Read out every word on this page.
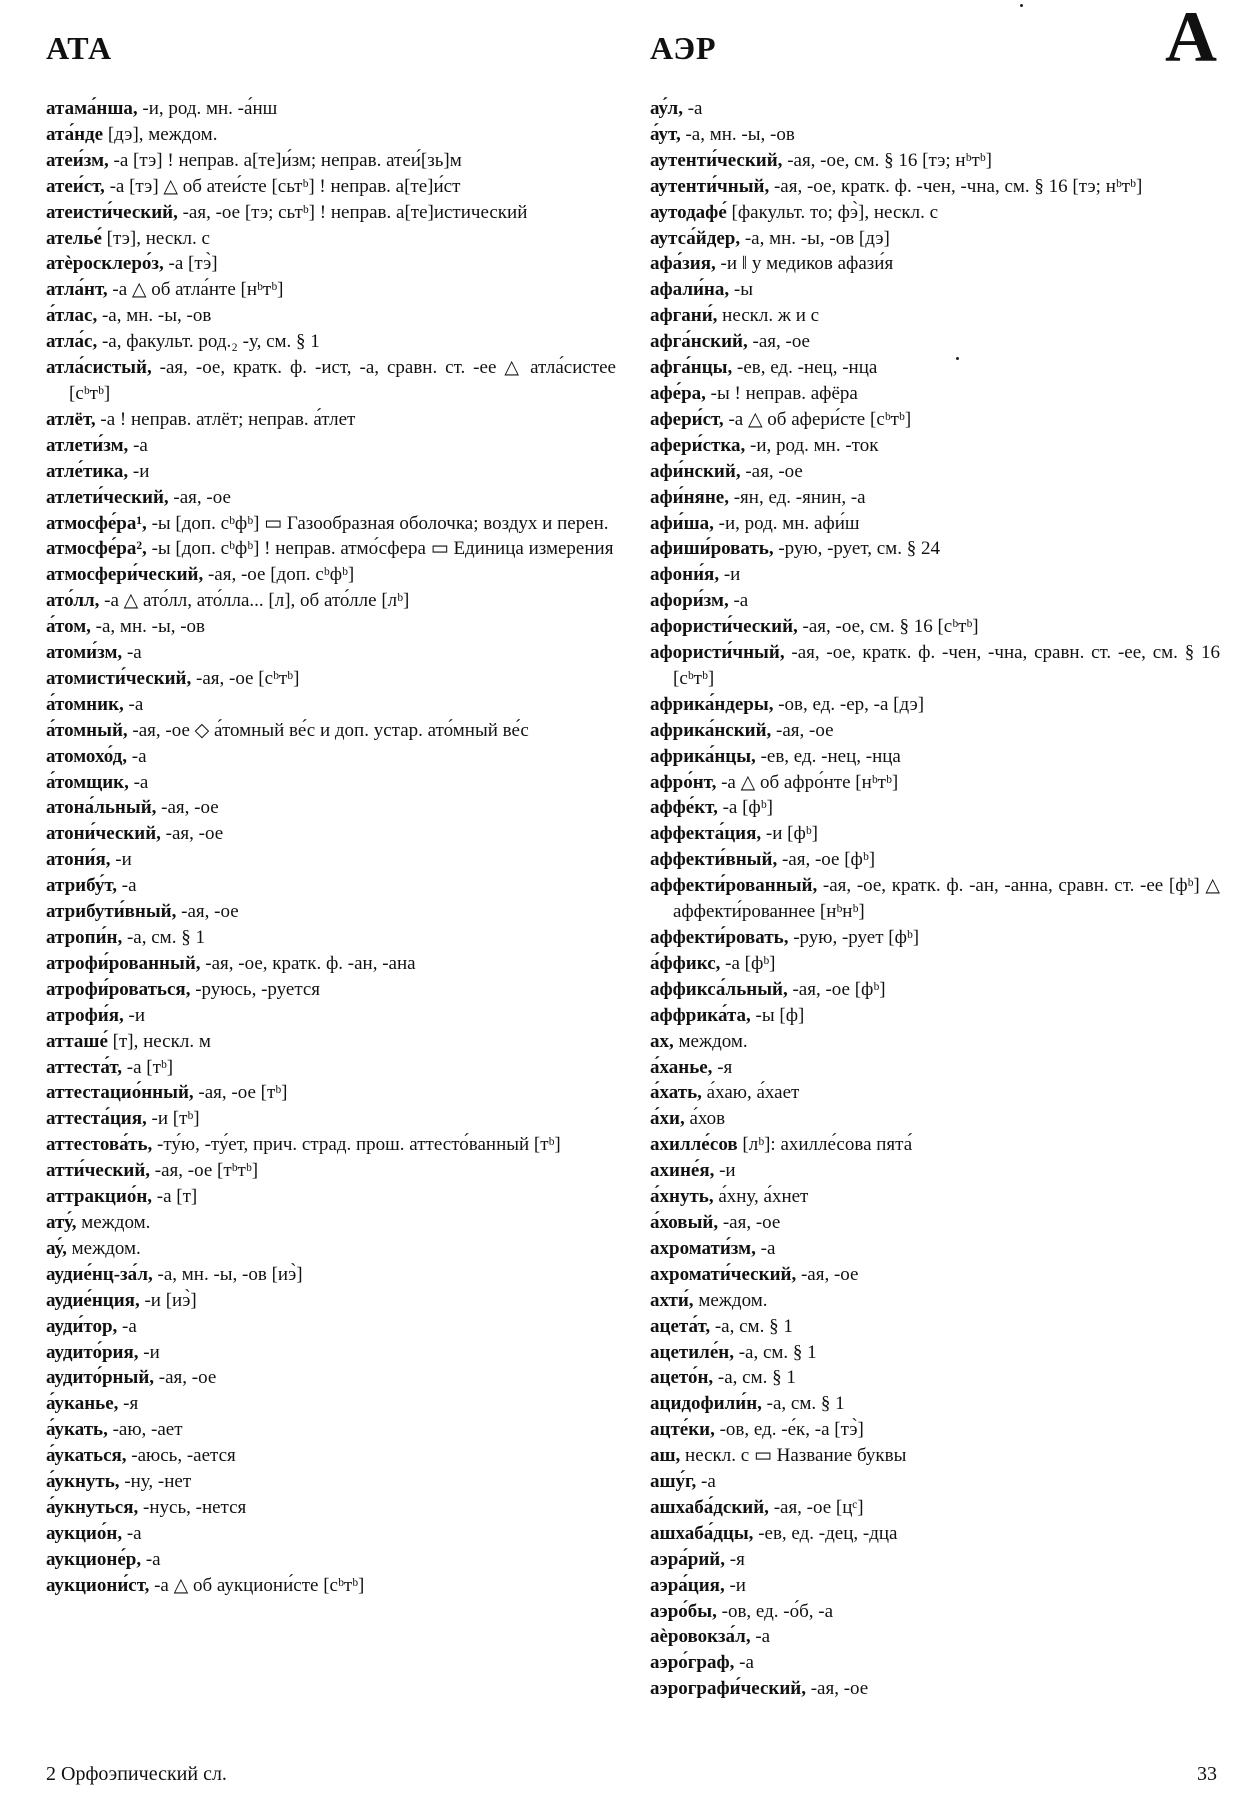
АТА	АЭР	А
атама́нша, -и, род. мн. -а́нш
ата́нде [дэ], междом.
атеи́зм, -а [тэ] ! неправ. а[те]и́зм; неправ. атеи́[зь]м
атеи́ст, -а [тэ] △ об атеи́сте [сьтᵇ] ! неправ. а[те]и́ст
атеисти́ческий, -ая, -ое [тэ; сьтᵇ] ! неправ. а[те]истический
ателье́ [тэ], нескл. с
атѐросклеро́з, -а [тэ̀]
атла́нт, -а △ об атла́нте [нᵇтᵇ]
а́тлас, -а, мн. -ы, -ов
атла́с, -а, факульт. род.₂ -у, см. § 1
атла́систый, -ая, -ое, кратк. ф. -ист, -а, сравн. ст. -ее △ атла́систее [сᵇтᵇ]
атлёт, -а ! неправ. атлёт; неправ. а́тлет
атлети́зм, -а
атле́тика, -и
атлети́ческий, -ая, -ое
атмосфе́ра¹, -ы [доп. сᵇфᵇ] ▭ Газообразная оболочка; воздух и перен.
атмосфе́ра², -ы [доп. сᵇфᵇ] ! неправ. атмо́сфера ▭ Единица измерения
атмосфери́ческий, -ая, -ое [доп. сᵇфᵇ]
ато́лл, -а △ ато́лл, ато́лла... [л], об ато́лле [лᵇ]
а́том, -а, мн. -ы, -ов
атоми́зм, -а
атомисти́ческий, -ая, -ое [сᵇтᵇ]
а́томник, -а
а́томный, -ая, -ое ◇ а́томный ве́с и доп. устар. ато́мный ве́с
атомохо́д, -а
а́томщик, -а
атона́льный, -ая, -ое
атони́ческий, -ая, -ое
атони́я, -и
атрибу́т, -а
атрибути́вный, -ая, -ое
атропи́н, -а, см. § 1
атрофи́рованный, -ая, -ое, кратк. ф. -ан, -ана
атрофи́роваться, -руюсь, -руется
атрофи́я, -и
атташе́ [т], нескл. м
аттеста́т, -а [тᵇ]
аттестацио́нный, -ая, -ое [тᵇ]
аттеста́ция, -и [тᵇ]
аттестова́ть, -ту́ю, -ту́ет, прич. страд. прош. аттесто́ванный [тᵇ]
атти́ческий, -ая, -ое [тᵇтᵇ]
аттракцио́н, -а [т]
ату́, междом.
ау́, междом.
аудие́нц-за́л, -а, мн. -ы, -ов [иэ̀]
аудие́нция, -и [иэ̀]
ауди́тор, -а
аудито́рия, -и
аудито́рный, -ая, -ое
а́уканье, -я
а́укать, -аю, -ает
а́укаться, -аюсь, -ается
а́укнуть, -ну, -нет
а́укнуться, -нусь, -нется
аукцио́н, -а
аукционе́р, -а
аукциони́ст, -а △ об аукциони́сте [сᵇтᵇ]
ау́л, -а
а́ут, -а, мн. -ы, -ов
аутенти́ческий, -ая, -ое, см. § 16 [тэ; нᵇтᵇ]
аутенти́чный, -ая, -ое, кратк. ф. -чен, -чна, см. § 16 [тэ; нᵇтᵇ]
аутодафе́ [факульт. то; фэ̀], нескл. с
аутса́йдер, -а, мн. -ы, -ов [дэ]
афа́зия, -и ‖ у медиков афази́я
афали́на, -ы
афгани́, нескл. ж и с
афга́нский, -ая, -ое
афга́нцы, -ев, ед. -нец, -нца
афе́ра, -ы ! неправ. афёра
афери́ст, -а △ об афери́сте [сᵇтᵇ]
афери́стка, -и, род. мн. -ток
афи́нский, -ая, -ое
афи́няне, -ян, ед. -янин, -а
афи́ша, -и, род. мн. афи́ш
афиши́ровать, -рую, -рует, см. § 24
афони́я, -и
афори́зм, -а
афористи́ческий, -ая, -ое, см. § 16 [сᵇтᵇ]
афористи́чный, -ая, -ое, кратк. ф. -чен, -чна, сравн. ст. -ее, см. § 16 [сᵇтᵇ]
африка́ндеры, -ов, ед. -ер, -а [дэ]
африка́нский, -ая, -ое
африка́нцы, -ев, ед. -нец, -нца
афро́нт, -а △ об афро́нте [нᵇтᵇ]
аффе́кт, -а [фᵇ]
аффекта́ция, -и [фᵇ]
аффекти́вный, -ая, -ое [фᵇ]
аффекти́рованный, -ая, -ое, кратк. ф. -ан, -анна, сравн. ст. -ее [фᵇ] △ аффекти́рованнее [нᵇнᵇ]
аффекти́ровать, -рую, -рует [фᵇ]
а́ффикс, -а [фᵇ]
аффикса́льный, -ая, -ое [фᵇ]
аффрика́та, -ы [ф]
ах, междом.
а́ханье, -я
а́хать, а́хаю, а́хает
а́хи, а́хов
ахилле́сов [лᵇ]: ахилле́сова пята́
ахине́я, -и
а́хнуть, а́хну, а́хнет
а́ховый, -ая, -ое
ахромати́зм, -а
ахромати́ческий, -ая, -ое
ахти́, междом.
ацета́т, -а, см. § 1
ацетиле́н, -а, см. § 1
ацето́н, -а, см. § 1
ацидофили́н, -а, см. § 1
ацте́ки, -ов, ед. -е́к, -а [тэ̀]
аш, нескл. с ▭ Название буквы
ашу́г, -а
ашхаба́дский, -ая, -ое [цᶜ]
ашхаба́дцы, -ев, ед. -дец, -дца
аэра́рий, -я
аэра́ция, -и
аэро́бы, -ов, ед. -о́б, -а
аѐровокза́л, -а
аэро́граф, -а
аэрографи́ческий, -ая, -ое
2 Орфоэпический сл.	33
